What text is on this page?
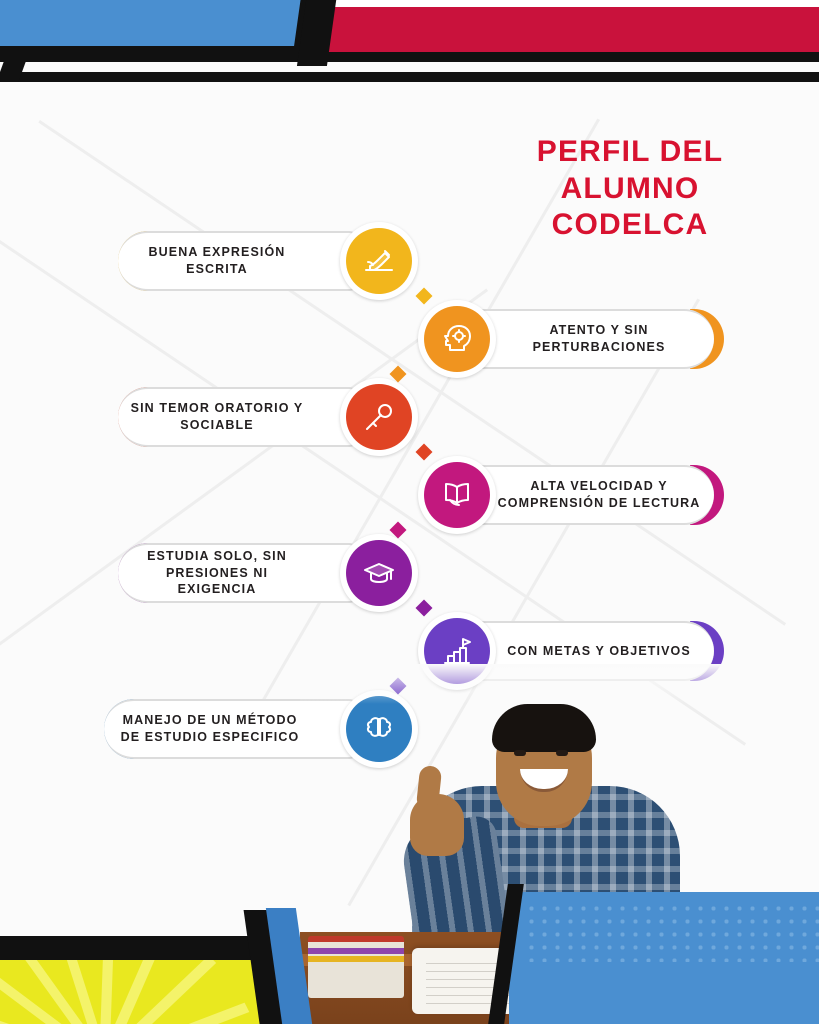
PERFIL DEL
ALUMNO
CODELCA
BUENA EXPRESIÓN ESCRITA
ATENTO Y SIN PERTURBACIONES
SIN TEMOR ORATORIO Y SOCIABLE
ALTA VELOCIDAD Y COMPRENSIÓN DE LECTURA
ESTUDIA SOLO, SIN PRESIONES NI EXIGENCIA
CON METAS Y OBJETIVOS
MANEJO DE UN MÉTODO DE ESTUDIO ESPECIFICO
